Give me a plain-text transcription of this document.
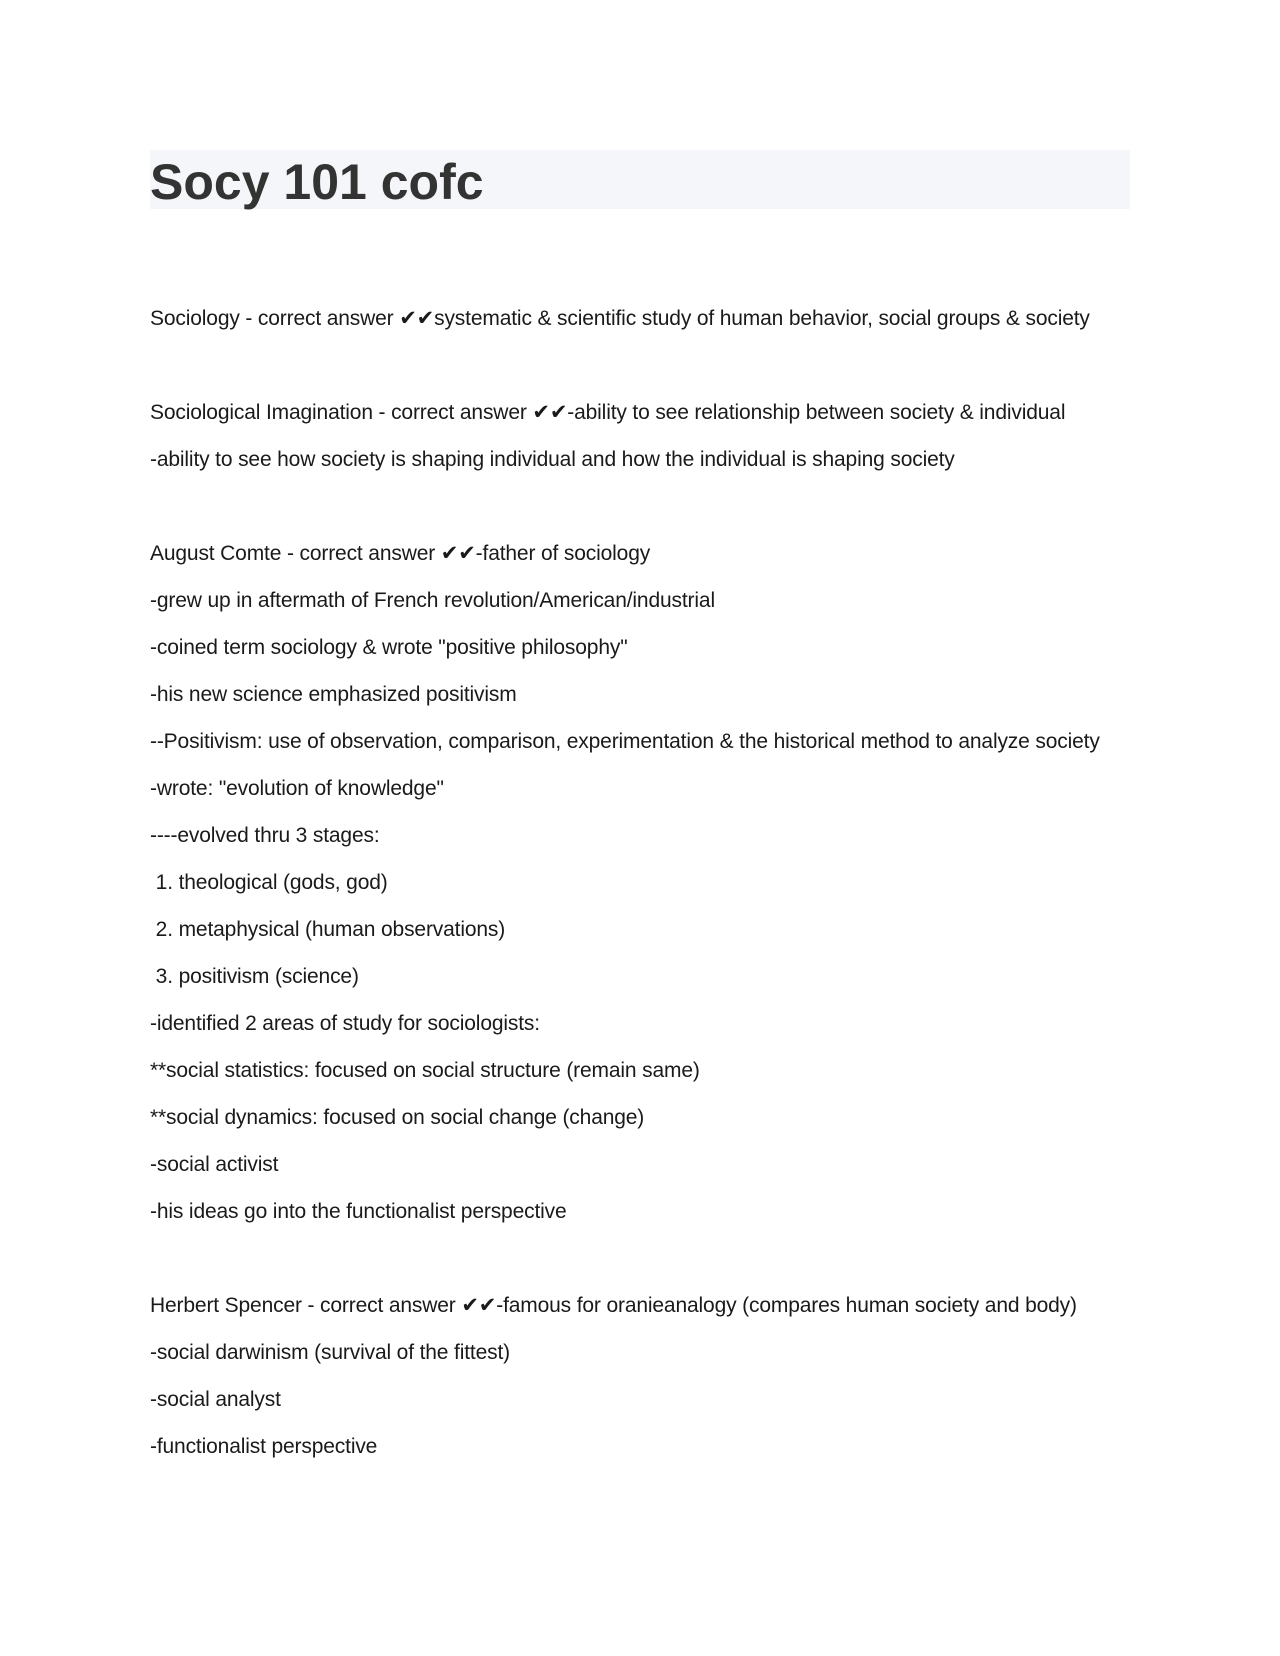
Socy 101 cofc
Sociology - correct answer ✔✔systematic & scientific study of human behavior, social groups & society
Sociological Imagination - correct answer ✔✔-ability to see relationship between society & individual
-ability to see how society is shaping individual and how the individual is shaping society
August Comte - correct answer ✔✔-father of sociology
-grew up in aftermath of French revolution/American/industrial
-coined term sociology & wrote "positive philosophy"
-his new science emphasized positivism
--Positivism: use of observation, comparison, experimentation & the historical method to analyze society
-wrote: "evolution of knowledge"
----evolved thru 3 stages:
1. theological (gods, god)
2. metaphysical (human observations)
3. positivism (science)
-identified 2 areas of study for sociologists:
**social statistics: focused on social structure (remain same)
**social dynamics: focused on social change (change)
-social activist
-his ideas go into the functionalist perspective
Herbert Spencer - correct answer ✔✔-famous for oranieanalogy (compares human society and body)
-social darwinism (survival of the fittest)
-social analyst
-functionalist perspective
